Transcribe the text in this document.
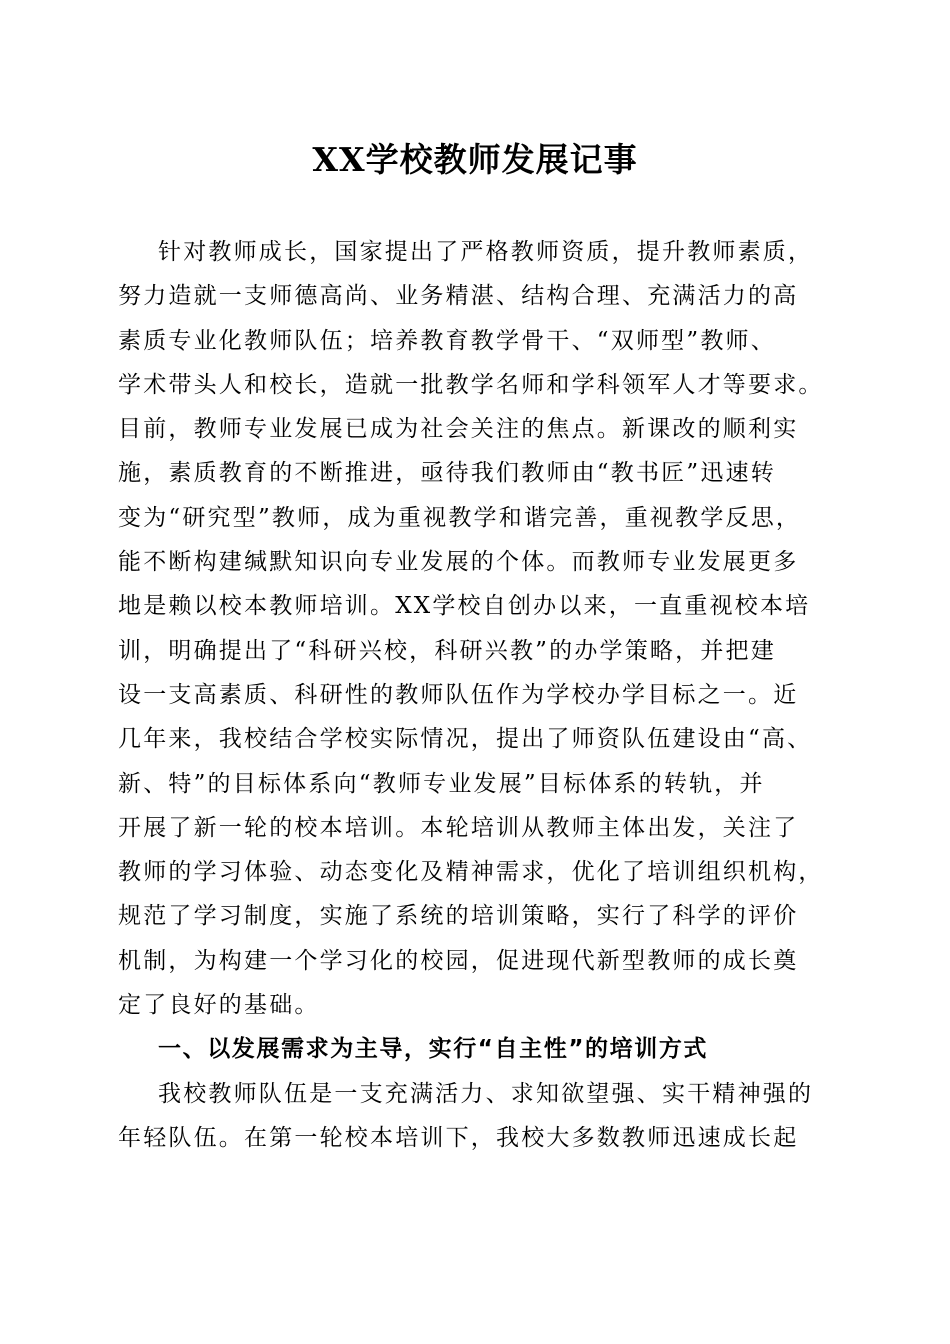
XX学校教师发展记事
针对教师成长，国家提出了严格教师资质，提升教师素质，
努力造就一支师德高尚、业务精湛、结构合理、充满活力的高
素质专业化教师队伍；培养教育教学骨干、“双师型”教师、
学术带头人和校长，造就一批教学名师和学科领军人才等要求。
目前，教师专业发展已成为社会关注的焦点。新课改的顺利实
施，素质教育的不断推进，亟待我们教师由“教书匠”迅速转
变为“研究型”教师，成为重视教学和谐完善，重视教学反思，
能不断构建缄默知识向专业发展的个体。而教师专业发展更多
地是赖以校本教师培训。XX学校自创办以来，一直重视校本培
训，明确提出了“科研兴校，科研兴教”的办学策略，并把建
设一支高素质、科研性的教师队伍作为学校办学目标之一。近
几年来，我校结合学校实际情况，提出了师资队伍建设由“高、
新、特”的目标体系向“教师专业发展”目标体系的转轨，并
开展了新一轮的校本培训。本轮培训从教师主体出发，关注了
教师的学习体验、动态变化及精神需求，优化了培训组织机构，
规范了学习制度，实施了系统的培训策略，实行了科学的评价
机制，为构建一个学习化的校园，促进现代新型教师的成长奠
定了良好的基础。
一、以发展需求为主导，实行“自主性”的培训方式
我校教师队伍是一支充满活力、求知欲望强、实干精神强的
年轻队伍。在第一轮校本培训下，我校大多数教师迅速成长起
